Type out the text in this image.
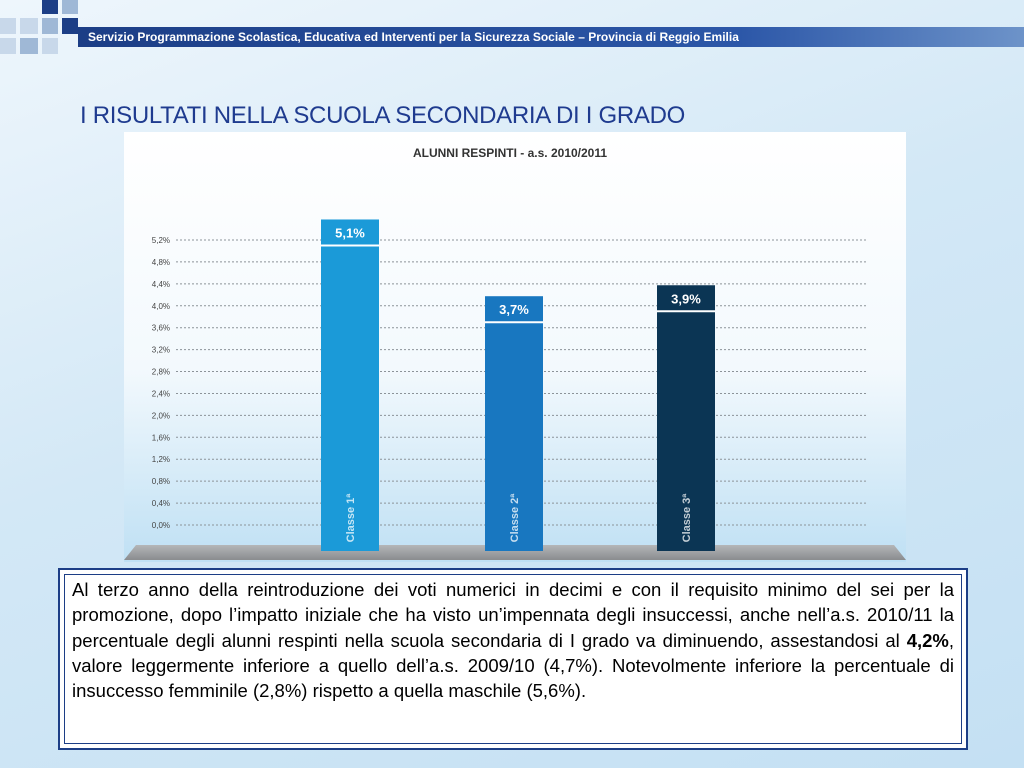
Servizio Programmazione Scolastica, Educativa ed Interventi per la Sicurezza Sociale – Provincia di Reggio Emilia
I RISULTATI NELLA SCUOLA SECONDARIA DI I GRADO
ALUNNI RESPINTI - a.s. 2010/2011
0,0%
0,4%
0,8%
1,2%
1,6%
2,0%
2,4%
2,8%
3,2%
3,6%
4,0%
4,4%
4,8%
5,2%
5,1%
Classe 1ª
3,7%
Classe 2ª
3,9%
Classe 3ª

Al terzo anno della reintroduzione dei voti numerici in decimi e con il requisito minimo del sei per la promozione, dopo l’impatto iniziale che ha visto un’impennata degli insuccessi, anche nell’a.s. 2010/11 la percentuale degli alunni respinti nella scuola secondaria di I grado va diminuendo, assestandosi al 4,2%, valore leggermente inferiore a quello dell’a.s. 2009/10 (4,7%). Notevolmente inferiore la percentuale di insuccesso femminile (2,8%) rispetto a quella maschile (5,6%).
